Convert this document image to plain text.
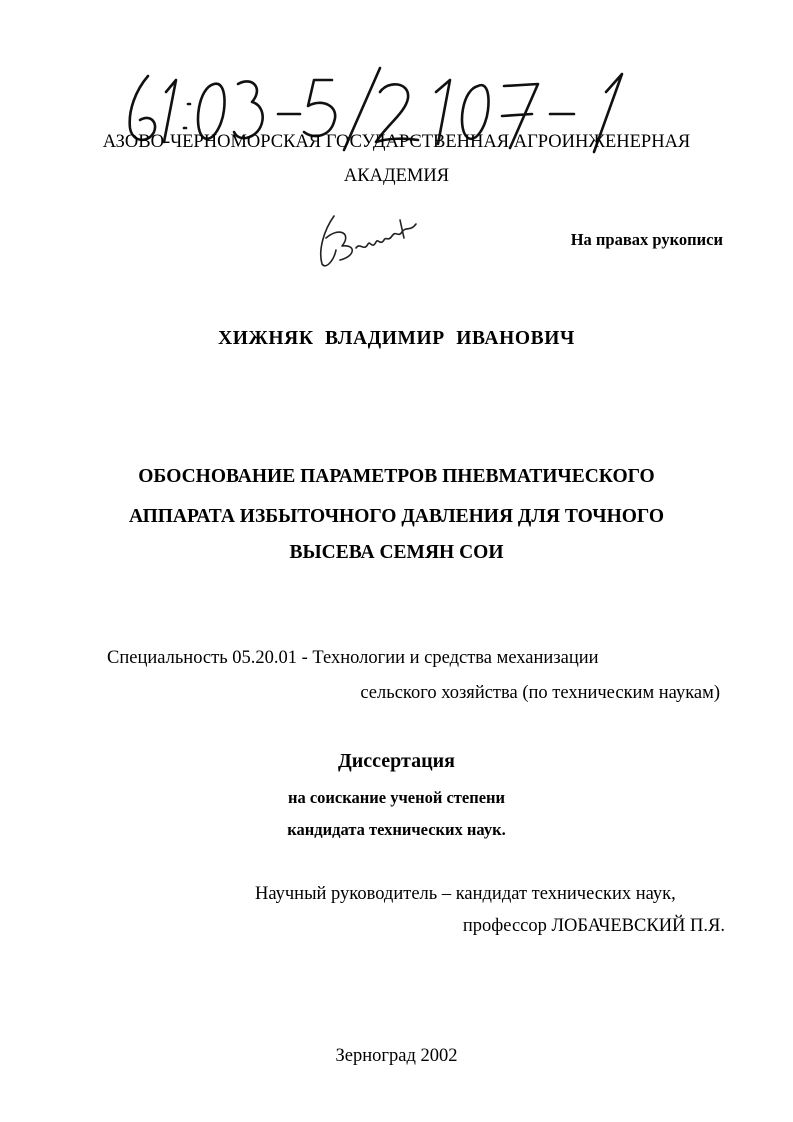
АЗОВО-ЧЕРНОМОРСКАЯ ГОСУДАРСТВЕННАЯ АГРОИНЖЕНЕРНАЯ
АКАДЕМИЯ
На правах рукописи
ХИЖНЯК ВЛАДИМИР ИВАНОВИЧ
ОБОСНОВАНИЕ ПАРАМЕТРОВ ПНЕВМАТИЧЕСКОГО
АППАРАТА ИЗБЫТОЧНОГО ДАВЛЕНИЯ ДЛЯ ТОЧНОГО
ВЫСЕВА СЕМЯН СОИ
Специальность 05.20.01 - Технологии и средства механизации
сельского хозяйства (по техническим наукам)
Диссертация
на соискание ученой степени
кандидата технических наук.
Научный руководитель – кандидат технических наук,
профессор ЛОБАЧЕВСКИЙ П.Я.
Зерноград 2002
